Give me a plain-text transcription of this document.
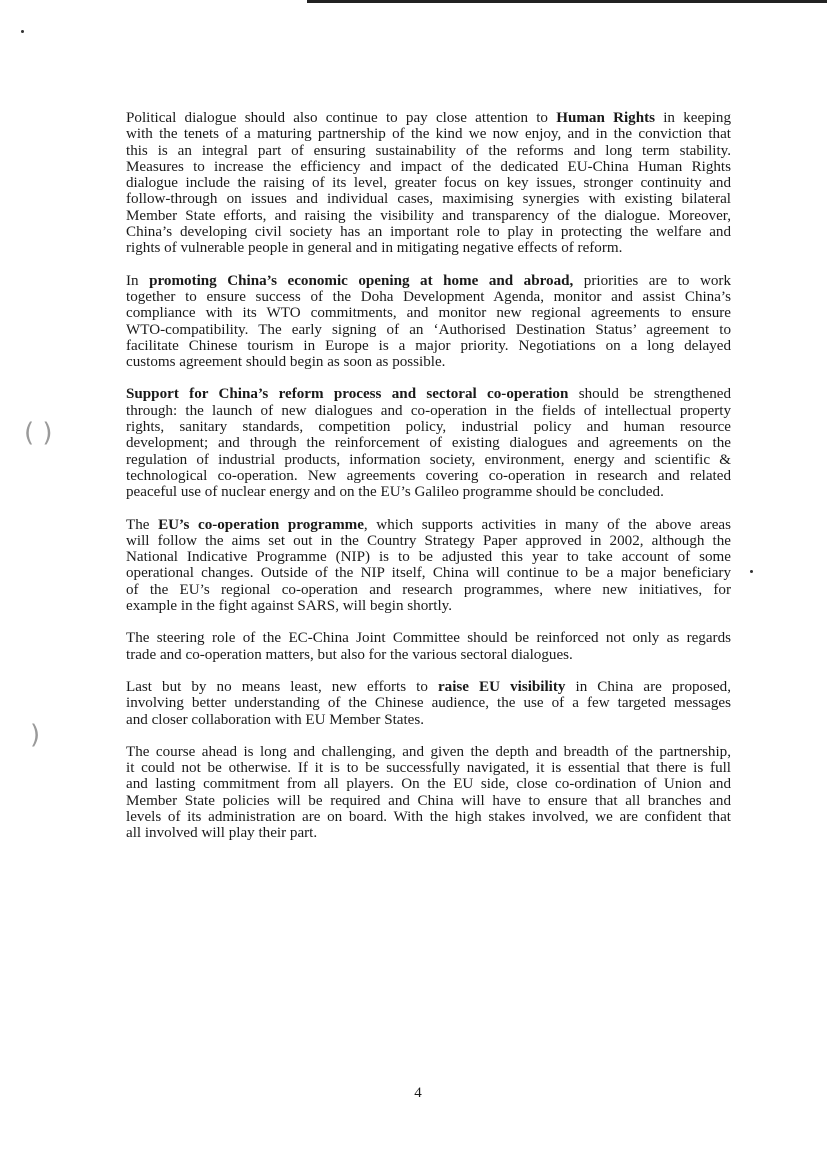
( )
)

Political dialogue should also continue to pay close attention to Human Rights in keeping
with the tenets of a maturing partnership of the kind we now enjoy, and in the conviction that
this is an integral part of ensuring sustainability of the reforms and long term stability.
Measures to increase the efficiency and impact of the dedicated EU-China Human Rights
dialogue include the raising of its level, greater focus on key issues, stronger continuity and
follow-through on issues and individual cases, maximising synergies with existing bilateral
Member State efforts, and raising the visibility and transparency of the dialogue. Moreover,
China’s developing civil society has an important role to play in protecting the welfare and
rights of vulnerable people in general and in mitigating negative effects of reform.

In promoting China’s economic opening at home and abroad, priorities are to work
together to ensure success of the Doha Development Agenda, monitor and assist China’s
compliance with its WTO commitments, and monitor new regional agreements to ensure
WTO-compatibility. The early signing of an ‘Authorised Destination Status’ agreement to
facilitate Chinese tourism in Europe is a major priority. Negotiations on a long delayed
customs agreement should begin as soon as possible.

Support for China’s reform process and sectoral co-operation should be strengthened
through: the launch of new dialogues and co-operation in the fields of intellectual property
rights, sanitary standards, competition policy, industrial policy and human resource
development; and through the reinforcement of existing dialogues and agreements on the
regulation of industrial products, information society, environment, energy and scientific &
technological co-operation. New agreements covering co-operation in research and related
peaceful use of nuclear energy and on the EU’s Galileo programme should be concluded.

The EU’s co-operation programme, which supports activities in many of the above areas
will follow the aims set out in the Country Strategy Paper approved in 2002, although the
National Indicative Programme (NIP) is to be adjusted this year to take account of some
operational changes. Outside of the NIP itself, China will continue to be a major beneficiary
of the EU’s regional co-operation and research programmes, where new initiatives, for
example in the fight against SARS, will begin shortly.

The steering role of the EC-China Joint Committee should be reinforced not only as regards
trade and co-operation matters, but also for the various sectoral dialogues.

Last but by no means least, new efforts to raise EU visibility in China are proposed,
involving better understanding of the Chinese audience, the use of a few targeted messages
and closer collaboration with EU Member States.

The course ahead is long and challenging, and given the depth and breadth of the partnership,
it could not be otherwise. If it is to be successfully navigated, it is essential that there is full
and lasting commitment from all players. On the EU side, close co-ordination of Union and
Member State policies will be required and China will have to ensure that all branches and
levels of its administration are on board. With the high stakes involved, we are confident that
all involved will play their part.

4
